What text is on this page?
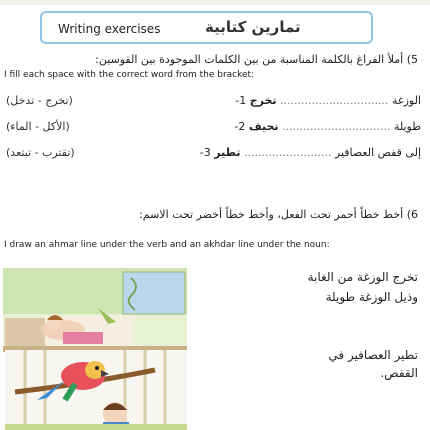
Writing exercises	تمارين كتابية
5) أملأ الفراغ بالكلمة المناسبة من بين الكلمات الموجودة بين القوسين:
I fill each space with the correct word from the bracket:
(تخرج - تدخل)	الوزغة ............................... تخرج 1-
(الأكل - الماء)	طويلة ............................... نحيف 2-
(تقترب - تبتعد)	إلى قفص العصافير ......................... تطير 3-
6) أخط خطاً أحمر تحت الفعل، وأخط خطاً أخضر تحت الاسم:
I draw an ahmar line under the verb and an akhdar line under the noun:
تخرج الوزغة من الغابة
وذيل الوزغة طويلة
تطير العصافير في
القفص.
